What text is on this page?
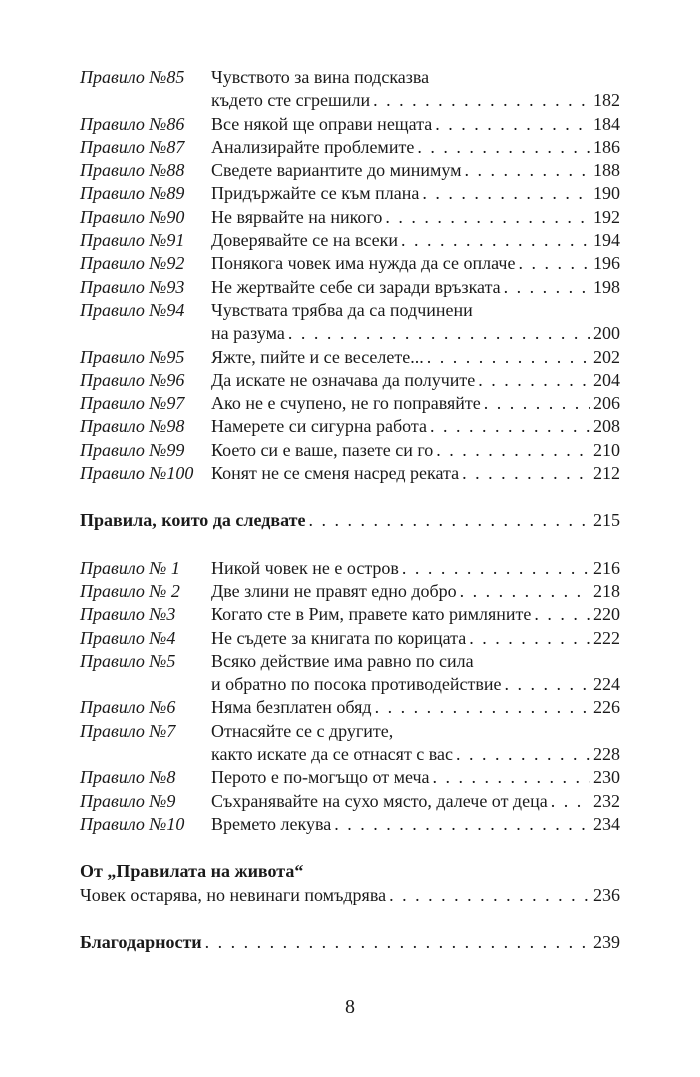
Правило №85 Чувството за вина подсказва
където сте сгрешили . . .	182
Правило №86 Все някой ще оправи нещата . . .	184
Правило №87 Анализирайте проблемите . . .	186
Правило №88 Сведете вариантите до минимум . . .	188
Правило №89 Придържайте се към плана . . .	190
Правило №90 Не вярвайте на никого . . .	192
Правило №91 Доверявайте се на всеки . . .	194
Правило №92 Понякога човек има нужда да се оплаче . . .	196
Правило №93 Не жертвайте себе си заради връзката . . .	198
Правило №94 Чувствата трябва да са подчинени
на разума . . .	200
Правило №95 Яжте, пийте и се веселете... . . .	202
Правило №96 Да искате не означава да получите . . .	204
Правило №97 Ако не е счупено, не го поправяйте . . .	206
Правило №98 Намерете си сигурна работа . . .	208
Правило №99 Което си е ваше, пазете си го . . .	210
Правило №100 Конят не се сменя насред реката . . .	212
Правила, които да следвате . . .	215
Правило № 1 Никой човек не е остров . . .	216
Правило № 2 Две злини не правят едно добро . . .	218
Правило №3 Когато сте в Рим, правете като римляните . . .	220
Правило №4 Не съдете за книгата по корицата . . .	222
Правило №5 Всяко действие има равно по сила
и обратно по посока противодействие . . .	224
Правило №6 Няма безплатен обяд . . .	226
Правило №7 Отнасяйте се с другите,
както искате да се отнасят с вас . . .	228
Правило №8 Перото е по-могъщо от меча . . .	230
Правило №9 Съхранявайте на сухо място, далече от деца . . .	232
Правило №10 Времето лекува . . .	234
От „Правилата на живота“
Човек остарява, но невинаги помъдрява . . .	236
Благодарности . . .	239
8
